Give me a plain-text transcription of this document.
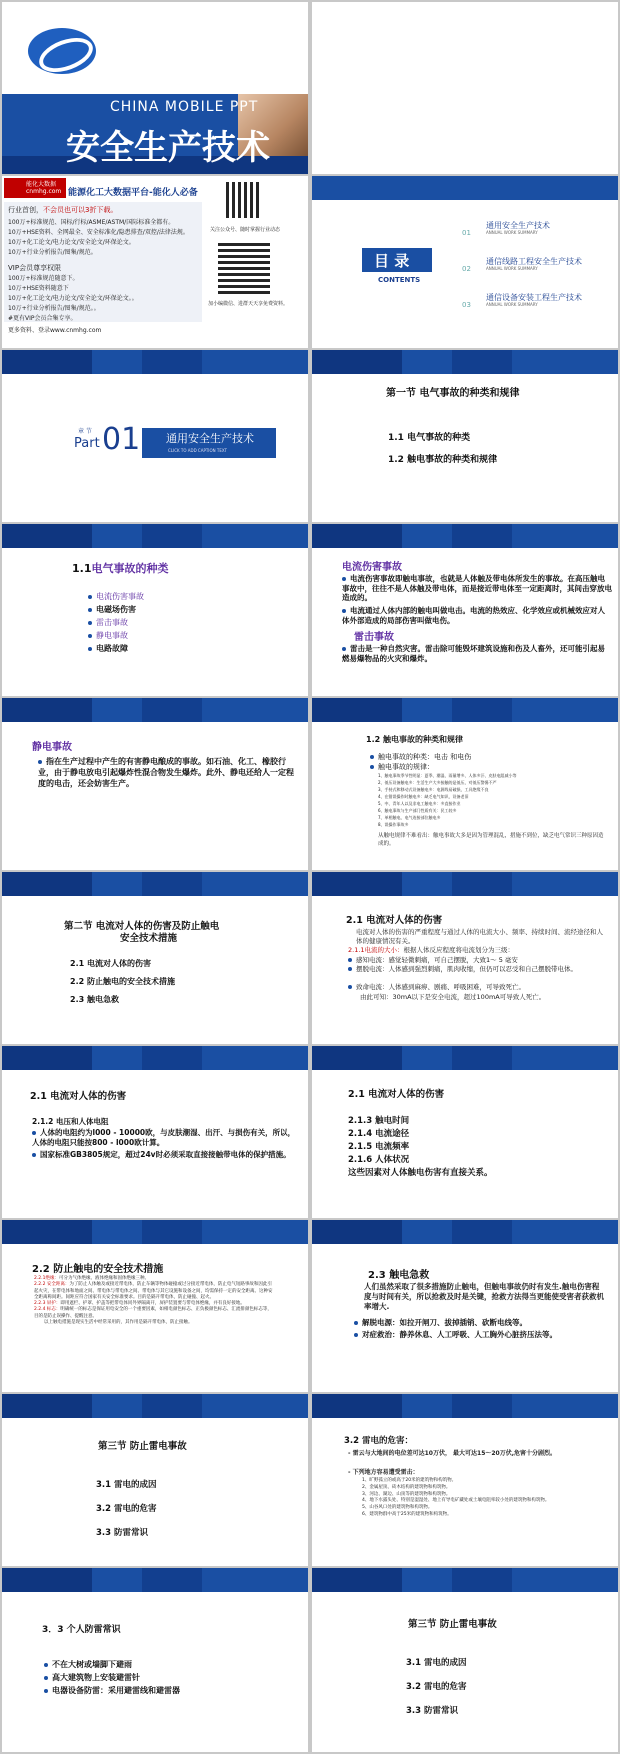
CHINA MOBILE PPT
安全生产技术
能化大数据
cnmhg.com 能源化工大数据平台-能化人必备
行业首创，不会员也可以3折下载。
100万+标准规范、国标/行标/ASME/ASTM/国际标准全都有。
10万+HSE资料、全网最全、安全标准化/隐患排查/双控/法律法规。
10万+化工论文/电力论文/安全论文/环保论文。
10万+行业分析报告/图集/规范。
VIP会员尊享权限
100万+标准规范随意下。
10万+HSE资料随意下
10万+化工论文/电力论文/安全论文/环保论文。。
10万+行业分析报告/图集/规范。。
#更有VIP会员合集专享。
更多资料、登录www.cnmhg.com
关注公众号、随时掌握行业动态
加小编微信、进群天天享免费资料。
目 录
CONTENTS
01
通用安全生产技术
ANNUAL WORK SUMMARY
02
通信线路工程安全生产技术
ANNUAL WORK SUMMARY
03
通信设备安装工程生产技术
ANNUAL WORK SUMMARY
章 节
Part 01 通用安全生产技术
CLICK TO ADD CAPTION TEXT
第一节 电气事故的种类和规律
1.1 电气事故的种类
1.2 触电事故的种类和规律
1.1电气事故的种类
电流伤害事故
电磁场伤害
雷击事故
静电事故
电路故障
电流伤害事故
电流伤害事故即触电事故，也就是人体触及带电体所发生的事故。在高压触电事故中，往往不是人体触及带电体，而是接近带电体至一定距离时，其间击穿放电造成的。
电流通过人体内部的触电叫做电击。电流的热效应、化学效应或机械效应对人体外部造成的局部伤害叫做电伤。
雷击事故
雷击是一种自然灾害。雷击除可能毁坏建筑设施和伤及人畜外，还可能引起易燃易爆物品的火灾和爆炸。
静电事故
指在生产过程中产生的有害静电酿成的事故。如石油、化工、橡胶行业，由于静电放电引起爆炸性混合物发生爆炸。此外、静电还给人一定程度的电击，还会妨害生产。
1.2 触电事故的种类和规律
触电事故的种类：电击 和电伤
触电事故的规律：
1、触电事故季节性明显：夏季、潮湿、雨量增多、人体多汗、皮肤电阻减小等
2、低压设备触电多：生活生产大多接触的是低压，对低压警惕不严
3、手持式和移动式设备触电多：电源线易破损，工具绝缘不良
4、在错误操作时触电多：缺乏电气知识，设备老旧
5、中、青年人以及非电工触电多：多直接作业
6、触电事故与生产部门性质有关：民工较多
7、单相触电、电气连接部位触电多
8、误操作事故多
从触电规律不难看出：触电事故大多是因为管理混乱，措施不到位，缺乏电气常识三种原因造成的。
第二节 电流对人体的伤害及防止触电
安全技术措施
2.1 电流对人体的伤害
2.2 防止触电的安全技术措施
2.3 触电急救
2.1 电流对人体的伤害
电流对人体的伤害的严重程度与通过人体的电流大小、频率、持续时间、流经途径和人体的健康情况有关。
2.1.1电流的大小：根据人体反应程度将电流划分为三级：
感知电流：感觉轻微刺痛，可自己摆脱，大致1～ 5 毫安
摆脱电流：人体感到强烈刺痛，肌肉收缩，但仍可以忍受和自己摆脱带电体。
致命电流：人体感到麻痹、剧痛、呼吸困难，可导致死亡。
由此可知：30mA以下是安全电流，超过100mA可导致人死亡。
2.1 电流对人体的伤害
2.1.2 电压和人体电阻
人体的电阻约为l000 - 10000欧，与皮肤潮湿、出汗、与损伤有关，所以，人体的电阻只能按800 - l000欧计算。
国家标准GB3805规定，超过24v时必须采取直接接触带电体的保护措施。
2.1 电流对人体的伤害
2.1.3 触电时间
2.1.4 电流途径
2.1.5 电流频率
2.1.6 人体状况
这些因素对人体触电伤害有直接关系。
2.2 防止触电的安全技术措施
2.2.1绝缘：可分为气体绝缘、液体绝缘和固体绝缘三种。
2.2.2 安全距离：为了防止人体触及或接近带电体，防止车辆等物体碰撞或过分接近带电体，防止电气短路事故和因此引起火灾，在带电体和地面之间、带电体与带电体之间、带电体与其它设施和设备之间，均需保持一定的安全距离。这种安全距离称间距。间距应符合国家有关安全标准要求。目的是隔开带电体，防止碰撞、起火。
2.2.3 屏护：即用遮栏、护罩、护盖等把带电体同外界隔离开，屏护装置要与带电体绝缘，并有良好接地。
2.2.4 标志：明确统一的标志是保证用电安全的一个重要因素，如相电颜色标志、正负极颜色标志、汇流排颜色标志等，目的是防止误操作、提醒注意。
以上触电措施是现实生活中经常采用的，其作用是隔开带电体，防止接触。
2.3 触电急救
人们虽然采取了很多措施防止触电，但触电事故仍时有发生.触电伤害程度与时间有关，所以抢救及时是关键，抢救方法得当更能使受害者获救机率增大.
解脱电源：如拉开闸刀、拔掉插销、砍断电线等。
对症救治：静养休息、人工呼吸、人工胸外心脏挤压法等。
第三节 防止雷电事故
3.1 雷电的成因
3.2 雷电的危害
3.3 防雷常识
3.2 雷电的危害：
- 雷云与大地间的电位差可达10万伏， 最大可达15～20万伏,危害十分剧烈。
- 下列地方容易遭受雷击：
1、旷野孤立的或高于20米的建筑物和构筑物。
2、金属屋顶、砖木结构的建筑物和构筑物。
3、河边、湖边、山顶等的建筑物和构筑物。
4、地下水露头处、特别是湿湿处、地上有导电矿藏处或土壤电阻率较小处的建筑物和构筑物。
5、山谷风口处的建筑物和构筑物。
6、建筑物群中高于25米的建筑物和构筑物。
3．3 个人防雷常识
不在大树或墙脚下避雨
高大建筑物上安装避雷针
电器设备防雷：采用避雷线和避雷器
第三节 防止雷电事故
3.1 雷电的成因
3.2 雷电的危害
3.3 防雷常识
